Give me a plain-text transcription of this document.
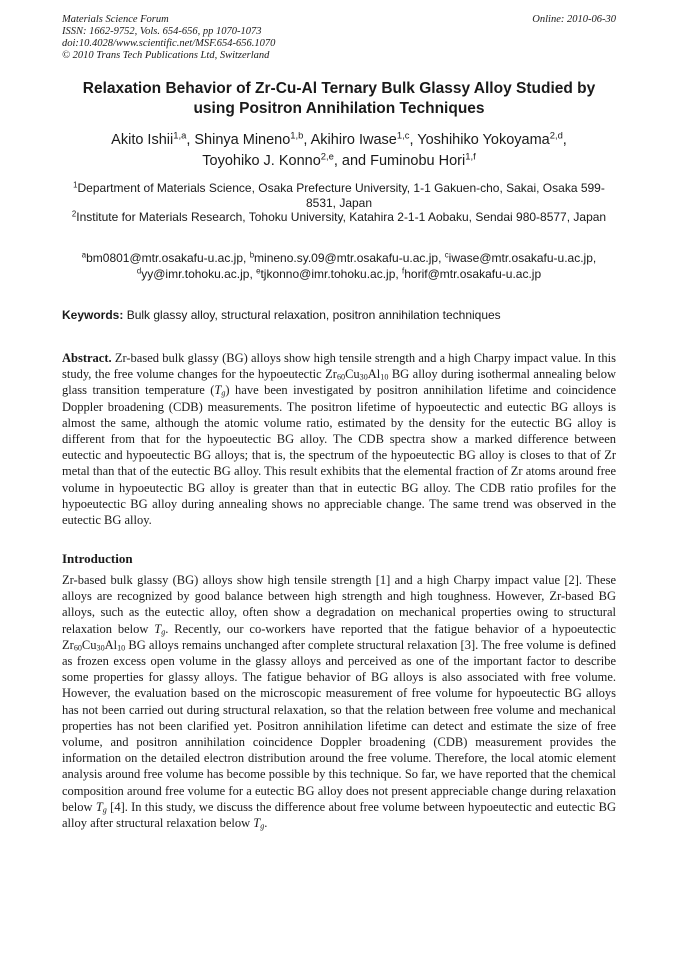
Materials Science Forum
ISSN: 1662-9752, Vols. 654-656, pp 1070-1073
doi:10.4028/www.scientific.net/MSF.654-656.1070
© 2010 Trans Tech Publications Ltd, Switzerland
Online: 2010-06-30
Relaxation Behavior of Zr-Cu-Al Ternary Bulk Glassy Alloy Studied by using Positron Annihilation Techniques
Akito Ishii$^{1,a}$, Shinya Mineno$^{1,b}$, Akihiro Iwase$^{1,c}$, Yoshihiko Yokoyama$^{2,d}$,
Toyohiko J. Konno$^{2,e}$, and Fuminobu Hori$^{1,f}$
$^1$Department of Materials Science, Osaka Prefecture University, 1-1 Gakuen-cho, Sakai, Osaka 599-8531, Japan
$^2$Institute for Materials Research, Tohoku University, Katahira 2-1-1 Aobaku, Sendai 980-8577, Japan
$^a$bm0801@mtr.osakafu-u.ac.jp, $^b$mineno.sy.09@mtr.osakafu-u.ac.jp, $^c$iwase@mtr.osakafu-u.ac.jp,
$^d$yy@imr.tohoku.ac.jp, $^e$tjkonno@imr.tohoku.ac.jp, $^f$horif@mtr.osakafu-u.ac.jp
Keywords: Bulk glassy alloy, structural relaxation, positron annihilation techniques
Abstract. Zr-based bulk glassy (BG) alloys show high tensile strength and a high Charpy impact value. In this study, the free volume changes for the hypoeutectic $Zr_{60}Cu_{30}Al_{10}$ BG alloy during isothermal annealing below glass transition temperature $(T_g)$ have been investigated by positron annihilation lifetime and coincidence Doppler broadening (CDB) measurements. The positron lifetime of hypoeutectic and eutectic BG alloys is almost the same, although the atomic volume ratio, estimated by the density for the eutectic BG alloy is different from that for the hypoeutectic BG alloy. The CDB spectra show a marked difference between eutectic and hypoeutectic BG alloys; that is, the spectrum of the hypoeutectic BG alloy is closes to that of Zr metal than that of the eutectic BG alloy. This result exhibits that the elemental fraction of Zr atoms around free volume in hypoeutectic BG alloy is greater than that in eutectic BG alloy. The CDB ratio profiles for the hypoeutectic BG alloy during annealing shows no appreciable change. The same trend was observed in the eutectic BG alloy.
Introduction
Zr-based bulk glassy (BG) alloys show high tensile strength [1] and a high Charpy impact value [2]. These alloys are recognized by good balance between high strength and high toughness. However, Zr-based BG alloys, such as the eutectic alloy, often show a degradation on mechanical properties owing to structural relaxation below $T_g$. Recently, our co-workers have reported that the fatigue behavior of a hypoeutectic $Zr_{60}Cu_{30}Al_{10}$ BG alloys remains unchanged after complete structural relaxation [3]. The free volume is defined as frozen excess open volume in the glassy alloys and perceived as one of the important factor to describe some properties for glassy alloys. The fatigue behavior of BG alloys is also associated with free volume. However, the evaluation based on the microscopic measurement of free volume for hypoeutectic BG alloys has not been carried out during structural relaxation, so that the relation between free volume and mechanical properties has not been clarified yet. Positron annihilation lifetime can detect and estimate the size of free volume, and positron annihilation coincidence Doppler broadening (CDB) measurement provides the information on the detailed electron distribution around the free volume. Therefore, the local atomic element analysis around free volume has become possible by this technique. So far, we have reported that the chemical composition around free volume for a eutectic BG alloy does not present appreciable change during relaxation below $T_g$ [4]. In this study, we discuss the difference about free volume between hypoeutectic and eutectic BG alloy after structural relaxation below $T_g$.
